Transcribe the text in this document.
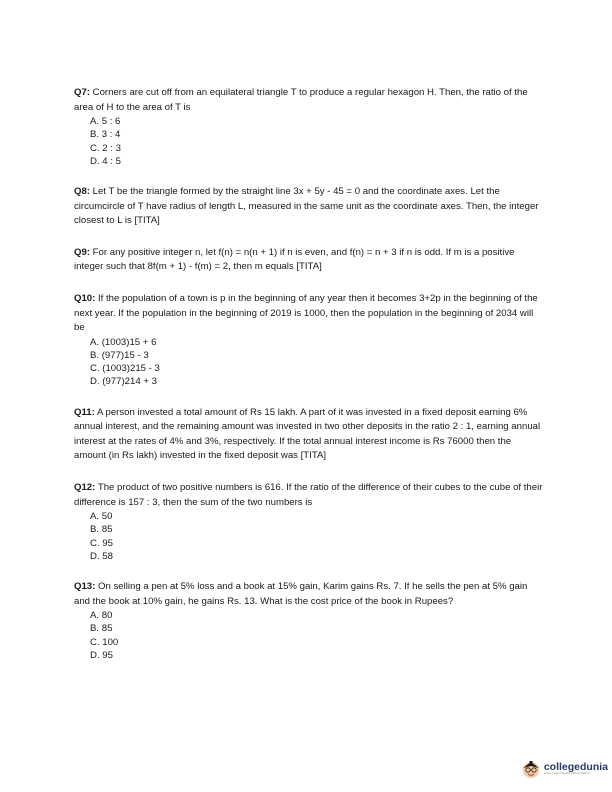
Q7: Corners are cut off from an equilateral triangle T to produce a regular hexagon H. Then, the ratio of the area of H to the area of T is

A. 5 : 6
B. 3 : 4
C. 2 : 3
D. 4 : 5

Q8: Let T be the triangle formed by the straight line 3x + 5y - 45 = 0 and the coordinate axes. Let the circumcircle of T have radius of length L, measured in the same unit as the coordinate axes. Then, the integer closest to L is [TITA]

Q9: For any positive integer n, let f(n) = n(n + 1) if n is even, and f(n) = n + 3 if n is odd. If m is a positive integer such that 8f(m + 1) - f(m) = 2, then m equals [TITA]

Q10: If the population of a town is p in the beginning of any year then it becomes 3+2p in the beginning of the next year. If the population in the beginning of 2019 is 1000, then the population in the beginning of 2034 will be

A. (1003)15 + 6
B. (977)15 - 3
C. (1003)215 - 3
D. (977)214 + 3

Q11: A person invested a total amount of Rs 15 lakh. A part of it was invested in a fixed deposit earning 6% annual interest, and the remaining amount was invested in two other deposits in the ratio 2 : 1, earning annual interest at the rates of 4% and 3%, respectively. If the total annual interest income is Rs 76000 then the amount (in Rs lakh) invested in the fixed deposit was [TITA]

Q12: The product of two positive numbers is 616. If the ratio of the difference of their cubes to the cube of their difference is 157 : 3, then the sum of the two numbers is

A. 50
B. 85
C. 95
D. 58

Q13: On selling a pen at 5% loss and a book at 15% gain, Karim gains Rs. 7. If he sells the pen at 5% gain and the book at 10% gain, he gains Rs. 13. What is the cost price of the book in Rupees?

A. 80
B. 85
C. 100
D. 95
collegedunia
India's Largest Student Review Platform
